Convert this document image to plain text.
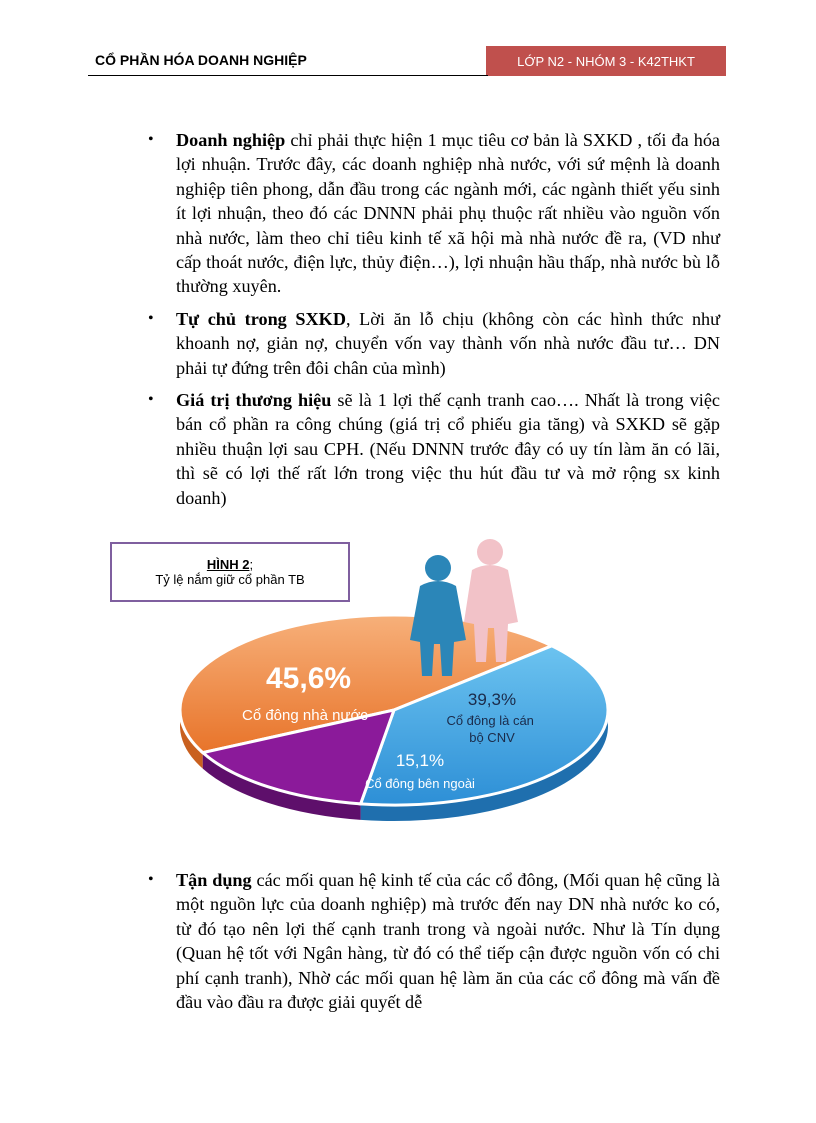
CỔ PHẦN HÓA DOANH NGHIỆP	LỚP N2 - NHÓM 3 - K42THKT
• Doanh nghiệp chỉ phải thực hiện 1 mục tiêu cơ bản là SXKD , tối đa hóa lợi nhuận. Trước đây, các doanh nghiệp nhà nước, với sứ mệnh là doanh nghiệp tiên phong, dẫn đầu trong các ngành mới, các ngành thiết yếu sinh ít lợi nhuận, theo đó các DNNN phải phụ thuộc rất nhiều vào nguồn vốn nhà nước, làm theo chỉ tiêu kinh tế xã hội mà nhà nước đề ra, (VD như cấp thoát nước, điện lực, thủy điện…), lợi nhuận hầu thấp, nhà nước bù lỗ thường xuyên.
• Tự chủ trong SXKD, Lời ăn lỗ chịu (không còn các hình thức như khoanh nợ, giản nợ, chuyển vốn vay thành vốn nhà nước đầu tư… DN phải tự đứng trên đôi chân của mình)
• Giá trị thương hiệu sẽ là 1 lợi thế cạnh tranh cao…. Nhất là trong việc bán cổ phần ra công chúng (giá trị cổ phiếu gia tăng) và SXKD sẽ gặp nhiều thuận lợi sau CPH. (Nếu DNNN trước đây có uy tín làm ăn có lãi, thì sẽ có lợi thế rất lớn trong việc thu hút đầu tư và mở rộng sx kinh doanh)
45,6%
Cổ đông nhà nước
39,3%
Cổ đông là cán bộ CNV
15,1%
Cổ đông bên ngoài
HÌNH 2;
Tỷ lệ nắm giữ cổ phần TB
• Tận dụng các mối quan hệ kinh tế của các cổ đông, (Mối quan hệ cũng là một nguồn lực của doanh nghiệp) mà trước đến nay DN nhà nước ko có, từ đó tạo nên lợi thế cạnh tranh trong và ngoài nước. Như là Tín dụng (Quan hệ tốt với Ngân hàng, từ đó có thể tiếp cận được nguồn vốn có chi phí cạnh tranh), Nhờ các mối quan hệ làm ăn của các cổ đông mà vấn đề đầu vào đầu ra được giải quyết dễ
